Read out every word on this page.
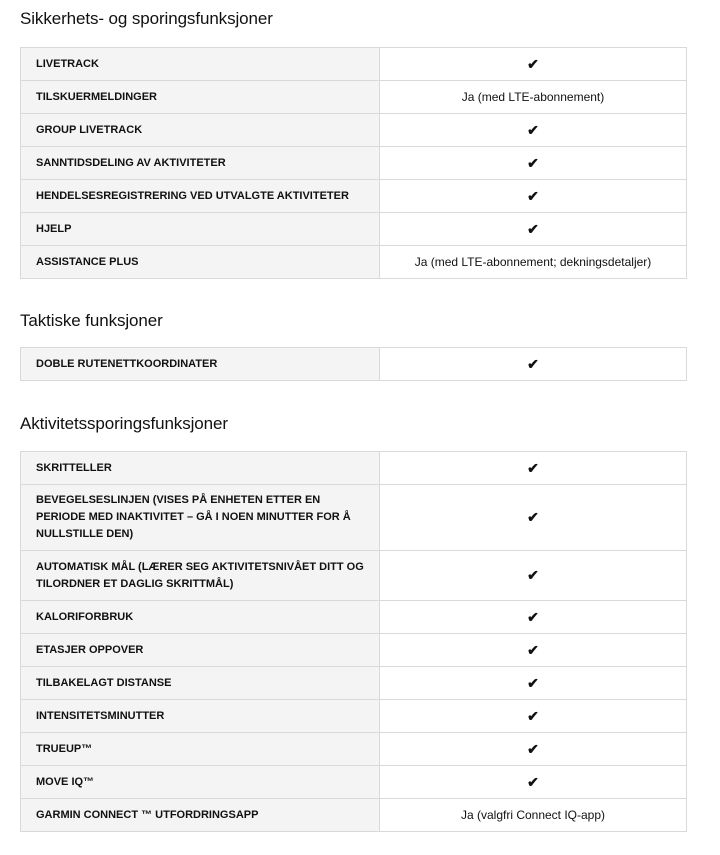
Sikkerhets- og sporingsfunksjoner
LIVETRACK	✔
TILSKUERMELDINGER	Ja (med LTE-abonnement)
GROUP LIVETRACK	✔
SANNTIDSDELING AV AKTIVITETER	✔
HENDELSESREGISTRERING VED UTVALGTE AKTIVITETER	✔
HJELP	✔
ASSISTANCE PLUS	Ja (med LTE-abonnement; dekningsdetaljer)
Taktiske funksjoner
DOBLE RUTENETTKOORDINATER	✔
Aktivitetssporingsfunksjoner
SKRITTELLER	✔
BEVEGELSESLINJEN (VISES PÅ ENHETEN ETTER EN PERIODE MED INAKTIVITET – GÅ I NOEN MINUTTER FOR Å NULLSTILLE DEN)	✔
AUTOMATISK MÅL (LÆRER SEG AKTIVITETSNIVÅET DITT OG TILORDNER ET DAGLIG SKRITTMÅL)	✔
KALORIFORBRUK	✔
ETASJER OPPOVER	✔
TILBAKELAGT DISTANSE	✔
INTENSITETSMINUTTER	✔
TRUEUP™	✔
MOVE IQ™	✔
GARMIN CONNECT ™ UTFORDRINGSAPP	Ja (valgfri Connect IQ-app)
